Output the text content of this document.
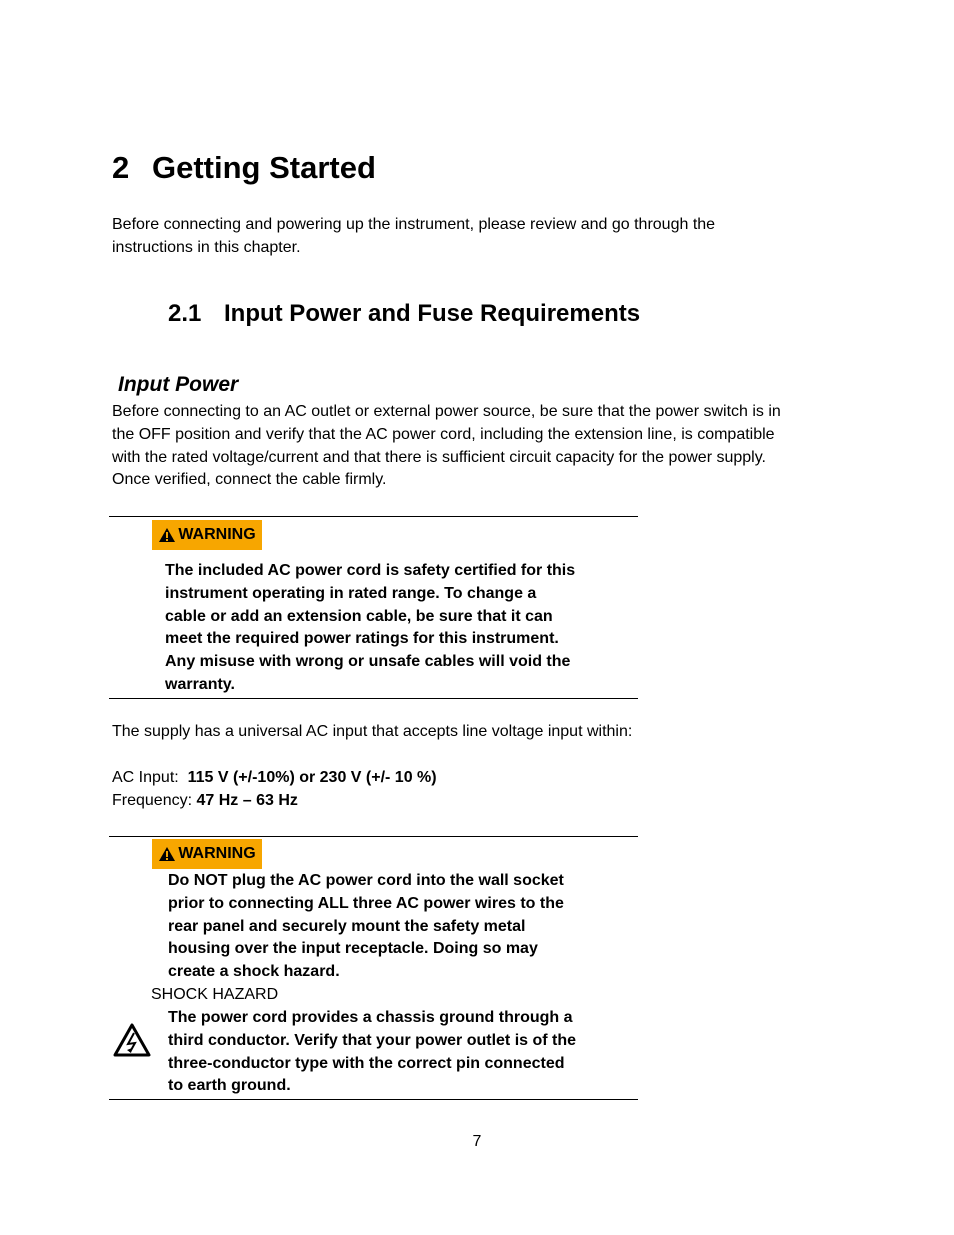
2 Getting Started
Before connecting and powering up the instrument, please review and go through the
instructions in this chapter.
2.1 Input Power and Fuse Requirements
Input Power
Before connecting to an AC outlet or external power source, be sure that the power switch is in
the OFF position and verify that the AC power cord, including the extension line, is compatible
with the rated voltage/current and that there is sufficient circuit capacity for the power supply.
Once verified, connect the cable firmly.
WARNING
The included AC power cord is safety certified for this
instrument operating in rated range. To change a
cable or add an extension cable, be sure that it can
meet the required power ratings for this instrument.
Any misuse with wrong or unsafe cables will void the
warranty.
The supply has a universal AC input that accepts line voltage input within:
AC Input: 115 V (+/-10%) or 230 V (+/- 10 %)
Frequency: 47 Hz – 63 Hz
WARNING
Do NOT plug the AC power cord into the wall socket
prior to connecting ALL three AC power wires to the
rear panel and securely mount the safety metal
housing over the input receptacle. Doing so may
create a shock hazard.
SHOCK HAZARD
The power cord provides a chassis ground through a
third conductor. Verify that your power outlet is of the
three-conductor type with the correct pin connected
to earth ground.
7
